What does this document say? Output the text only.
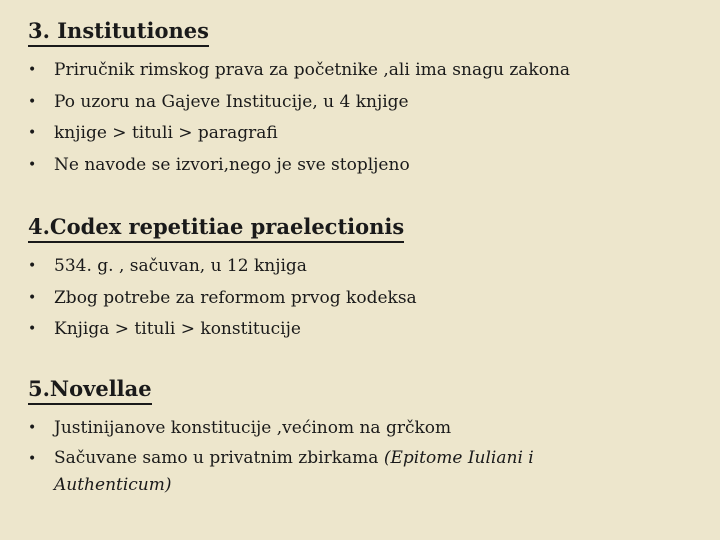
3. Institutiones
• Priručnik rimskog prava za početnike ,ali ima snagu zakona
• Po uzoru na Gajeve Institucije, u 4 knjige
• knjige > tituli > paragrafi
• Ne navode se izvori,nego je sve stopljeno
4.Codex repetitiae praelectionis
• 534. g. , sačuvan, u 12 knjiga
• Zbog potrebe za reformom prvog kodeksa
• Knjiga > tituli > konstitucije
5.Novellae
• Justinijanove konstitucije ,većinom na grčkom
• Sačuvane samo u privatnim zbirkama (Epitome Iuliani i Authenticum)
